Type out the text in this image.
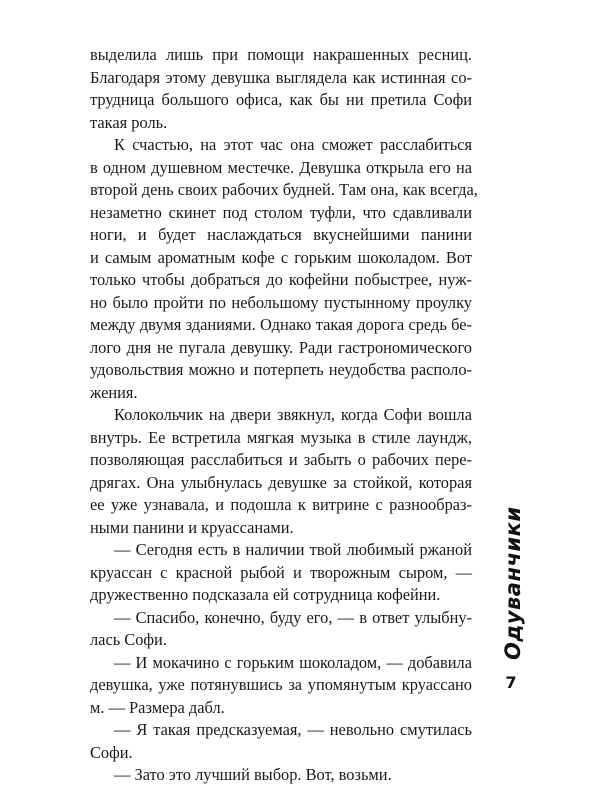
выделила лишь при помощи накрашенных ресниц.
Благодаря этому девушка выглядела как истинная со-
трудница большого офиса, как бы ни претила Софи
такая роль.
К счастью, на этот час она сможет расслабиться
в одном душевном местечке. Девушка открыла его на
второй день своих рабочих будней. Там она, как всегда,
незаметно скинет под столом туфли, что сдавливали
ноги, и будет наслаждаться вкуснейшими панини
и самым ароматным кофе с горьким шоколадом. Вот
только чтобы добраться до кофейни побыстрее, нуж-
но было пройти по небольшому пустынному проулку
между двумя зданиями. Однако такая дорога средь бе-
лого дня не пугала девушку. Ради гастрономического
удовольствия можно и потерпеть неудобства располо-
жения.
Колокольчик на двери звякнул, когда Софи вошла
внутрь. Ее встретила мягкая музыка в стиле лаундж,
позволяющая расслабиться и забыть о рабочих пере-
дрягах. Она улыбнулась девушке за стойкой, которая
ее уже узнавала, и подошла к витрине с разнообраз-
ными панини и круассанами.
— Сегодня есть в наличии твой любимый ржаной
круассан с красной рыбой и творожным сыром, —
дружественно подсказала ей сотрудница кофейни.
— Спасибо, конечно, буду его, — в ответ улыбну-
лась Софи.
— И мокачино с горьким шоколадом, — добавила
девушка, уже потянувшись за упомянутым круассано
м. — Размера дабл.
— Я такая предсказуемая, — невольно смутилась
Софи.
— Зато это лучший выбор. Вот, возьми.
Одуванчики
7
